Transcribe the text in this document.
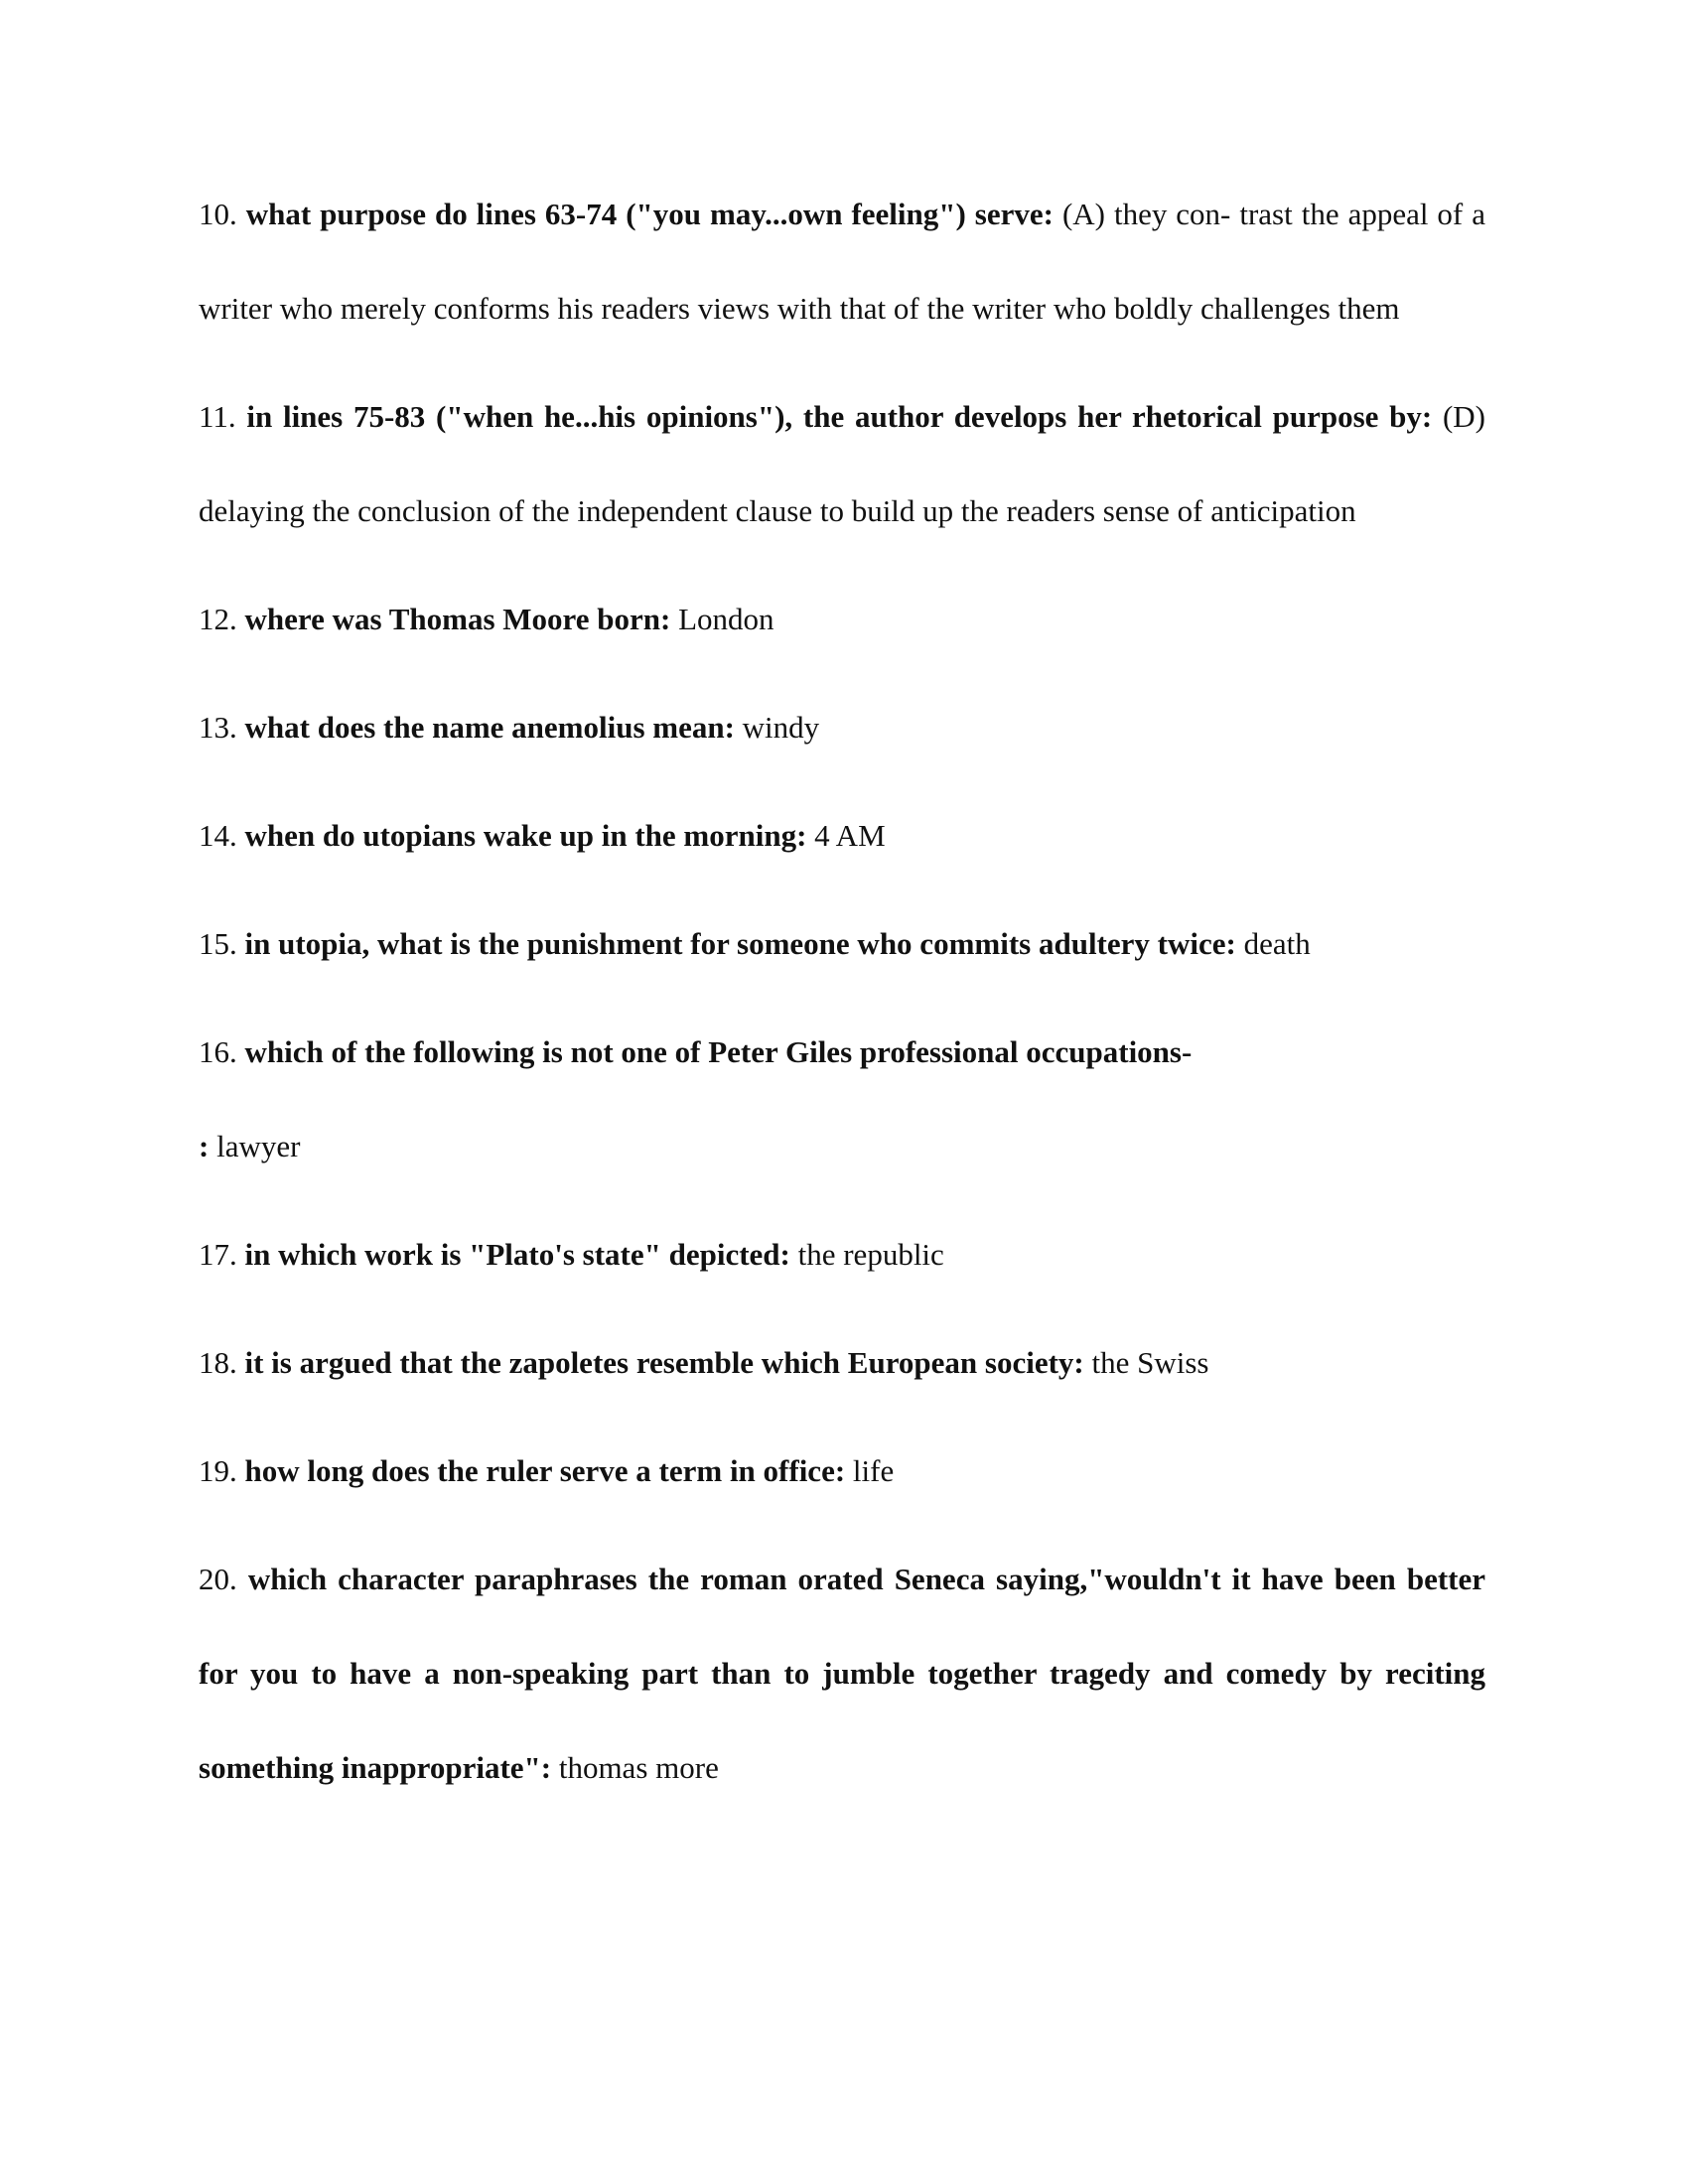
10. what purpose do lines 63-74 ("you may...own feeling") serve: (A) they con- trast the appeal of a writer who merely conforms his readers views with that of the writer who boldly challenges them

11. in lines 75-83 ("when he...his opinions"), the author develops her rhetorical purpose by: (D) delaying the conclusion of the independent clause to build up the readers sense of anticipation

12. where was Thomas Moore born: London

13. what does the name anemolius mean: windy

14. when do utopians wake up in the morning: 4 AM

15. in utopia, what is the punishment for someone who commits adultery twice: death

16. which of the following is not one of Peter Giles professional occupations-
: lawyer

17. in which work is "Plato's state" depicted: the republic

18. it is argued that the zapoletes resemble which European society: the Swiss

19. how long does the ruler serve a term in office: life

20. which character paraphrases the roman orated Seneca saying,"wouldn't it have been better for you to have a non-speaking part than to jumble together tragedy and comedy by reciting something inappropriate": thomas more
